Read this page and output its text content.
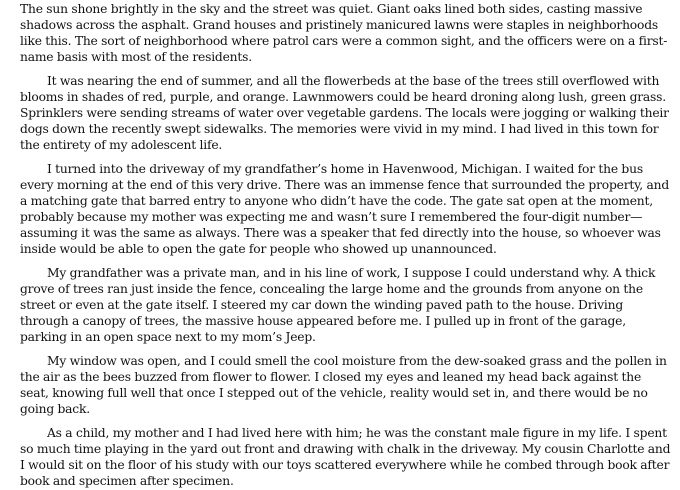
The sun shone brightly in the sky and the street was quiet. Giant oaks lined both sides, casting massive shadows across the asphalt. Grand houses and pristinely manicured lawns were staples in neighborhoods like this. The sort of neighborhood where patrol cars were a common sight, and the officers were on a first-name basis with most of the residents.

It was nearing the end of summer, and all the flowerbeds at the base of the trees still overflowed with blooms in shades of red, purple, and orange. Lawnmowers could be heard droning along lush, green grass. Sprinklers were sending streams of water over vegetable gardens. The locals were jogging or walking their dogs down the recently swept sidewalks. The memories were vivid in my mind. I had lived in this town for the entirety of my adolescent life.

I turned into the driveway of my grandfather’s home in Havenwood, Michigan. I waited for the bus every morning at the end of this very drive. There was an immense fence that surrounded the property, and a matching gate that barred entry to anyone who didn’t have the code. The gate sat open at the moment, probably because my mother was expecting me and wasn’t sure I remembered the four-digit number—assuming it was the same as always. There was a speaker that fed directly into the house, so whoever was inside would be able to open the gate for people who showed up unannounced.

My grandfather was a private man, and in his line of work, I suppose I could understand why. A thick grove of trees ran just inside the fence, concealing the large home and the grounds from anyone on the street or even at the gate itself. I steered my car down the winding paved path to the house. Driving through a canopy of trees, the massive house appeared before me. I pulled up in front of the garage, parking in an open space next to my mom’s Jeep.

My window was open, and I could smell the cool moisture from the dew-soaked grass and the pollen in the air as the bees buzzed from flower to flower. I closed my eyes and leaned my head back against the seat, knowing full well that once I stepped out of the vehicle, reality would set in, and there would be no going back.

As a child, my mother and I had lived here with him; he was the constant male figure in my life. I spent so much time playing in the yard out front and drawing with chalk in the driveway. My cousin Charlotte and I would sit on the floor of his study with our toys scattered everywhere while he combed through book after book and specimen after specimen.
